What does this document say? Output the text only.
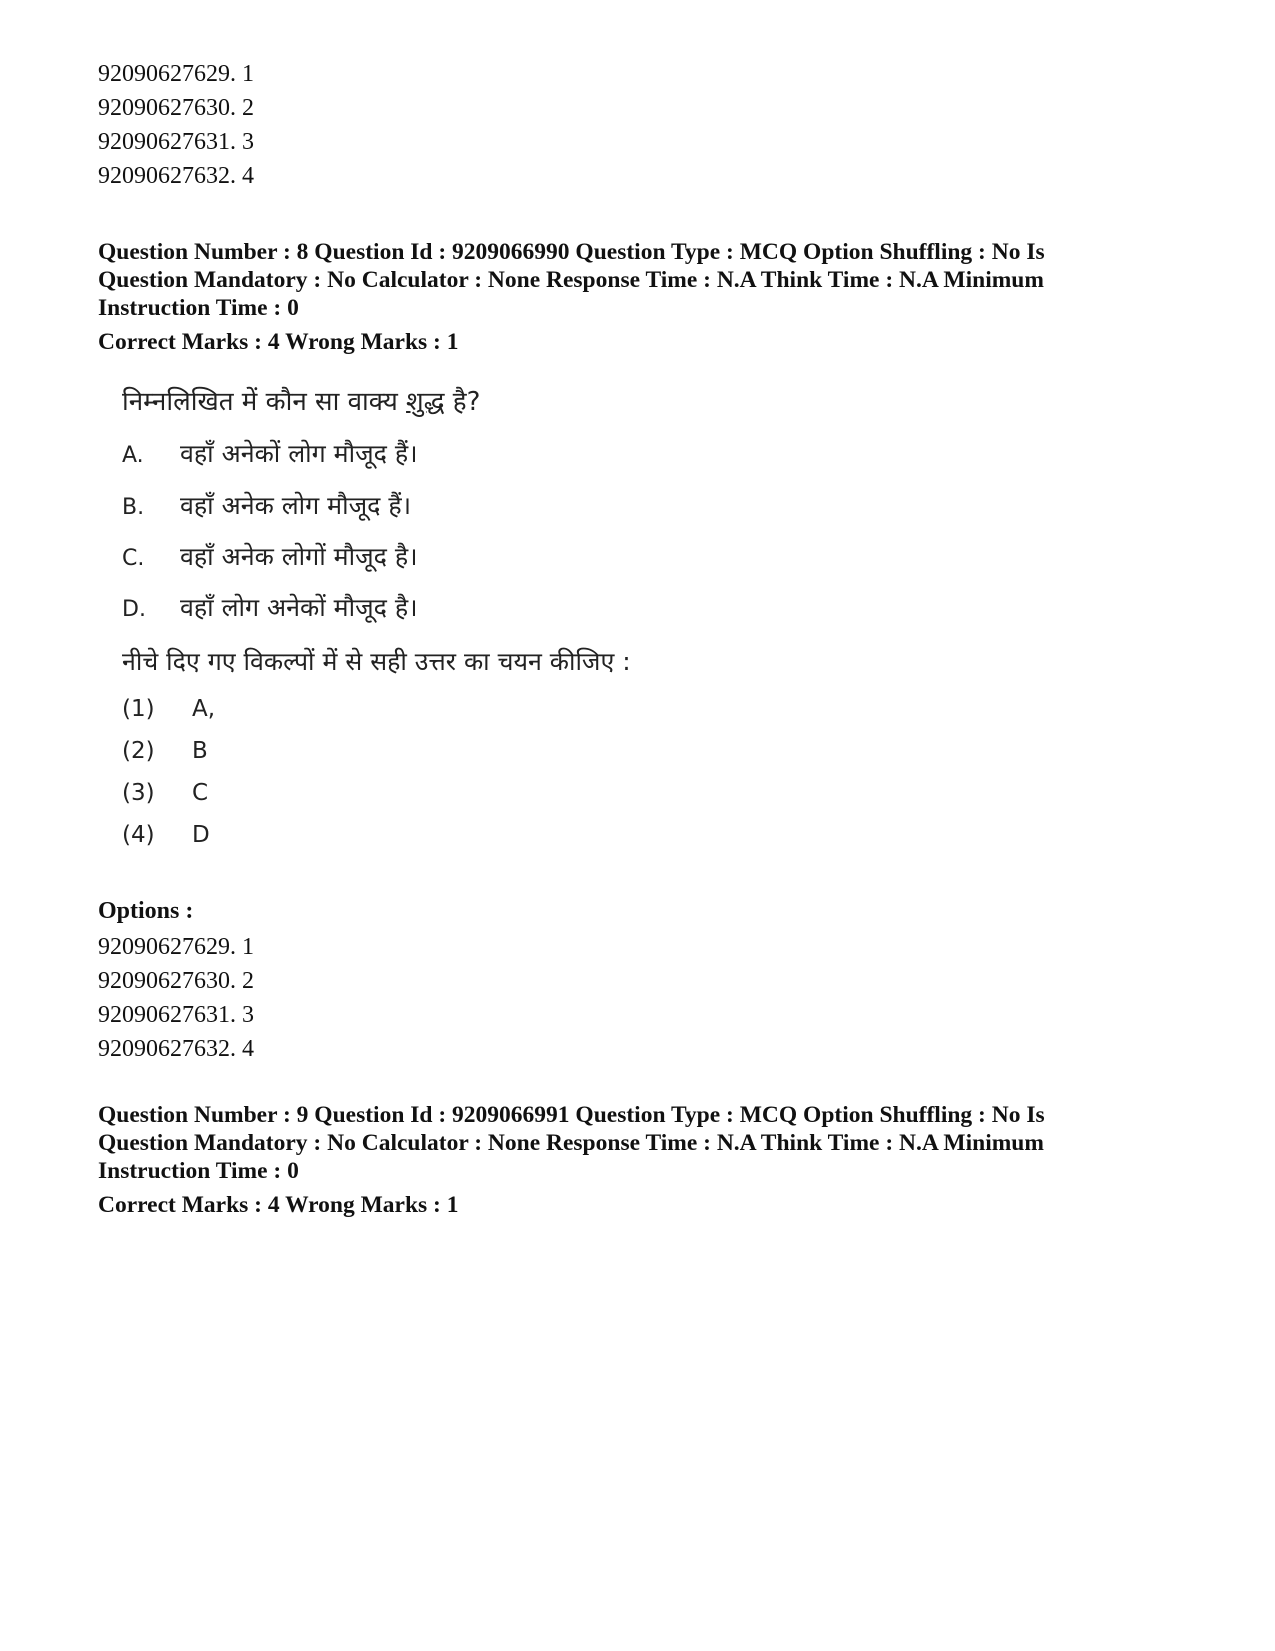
92090627629. 1
92090627630. 2
92090627631. 3
92090627632. 4
Question Number : 8 Question Id : 9209066990 Question Type : MCQ Option Shuffling : No Is
Question Mandatory : No Calculator : None Response Time : N.A Think Time : N.A Minimum
Instruction Time : 0
Correct Marks : 4 Wrong Marks : 1
निम्नलिखित में कौन सा वाक्य शुद्ध है?
A. वहाँ अनेकों लोग मौजूद हैं।
B. वहाँ अनेक लोग मौजूद हैं।
C. वहाँ अनेक लोगों मौजूद है।
D. वहाँ लोग अनेकों मौजूद है।
नीचे दिए गए विकल्पों में से सही उत्तर का चयन कीजिए :
(1) A,
(2) B
(3) C
(4) D
Options :
92090627629. 1
92090627630. 2
92090627631. 3
92090627632. 4
Question Number : 9 Question Id : 9209066991 Question Type : MCQ Option Shuffling : No Is
Question Mandatory : No Calculator : None Response Time : N.A Think Time : N.A Minimum
Instruction Time : 0
Correct Marks : 4 Wrong Marks : 1
